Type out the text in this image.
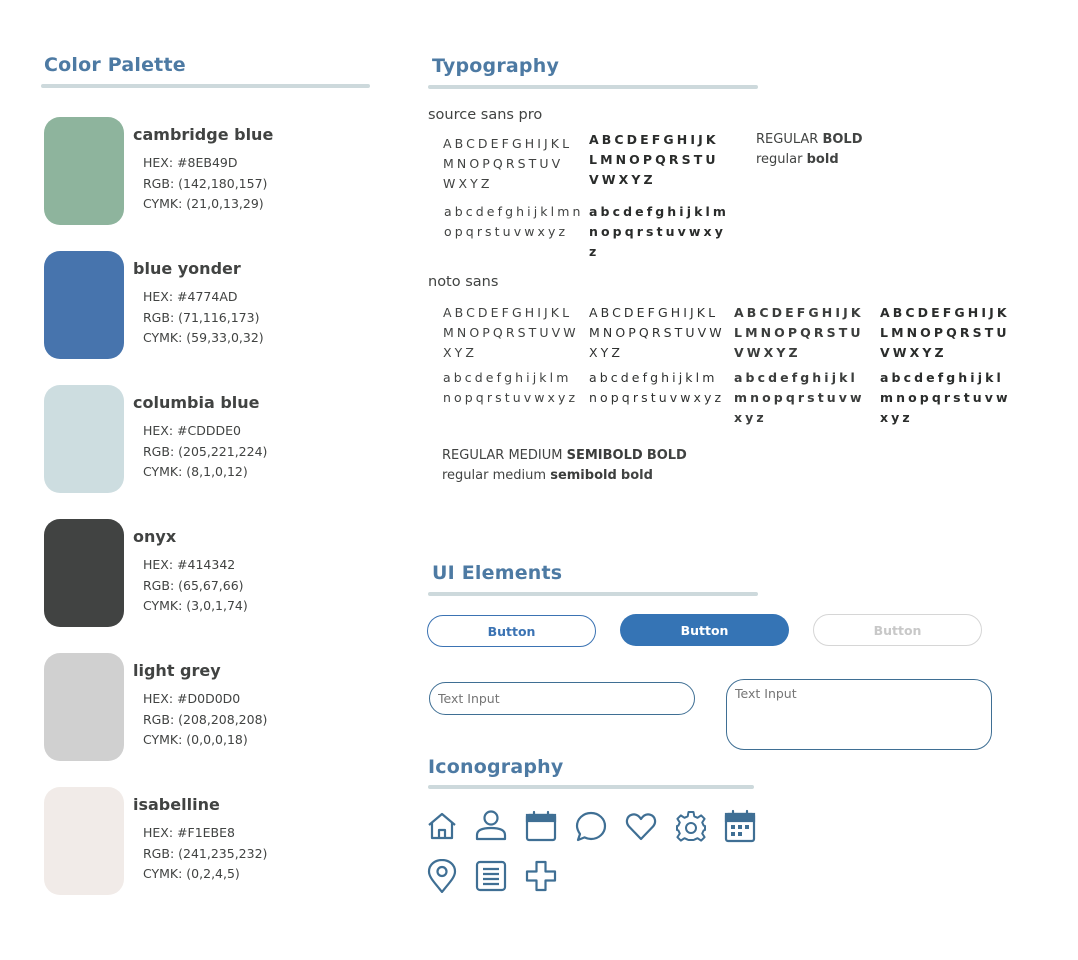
Color Palette
cambridge blue
HEX: #8EB49D
RGB: (142,180,157)
CYMK: (21,0,13,29)
blue yonder
HEX: #4774AD
RGB: (71,116,173)
CYMK: (59,33,0,32)
columbia blue
HEX: #CDDDE0
RGB: (205,221,224)
CYMK: (8,1,0,12)
onyx
HEX: #414342
RGB: (65,67,66)
CYMK: (3,0,1,74)
light grey
HEX: #D0D0D0
RGB: (208,208,208)
CYMK: (0,0,0,18)
isabelline
HEX: #F1EBE8
RGB: (241,235,232)
CYMK: (0,2,4,5)
Typography
source sans pro
ABCDEFGHIJKLMNOPQRSTUVWXYZ
ABCDEFGHIJKLMNOPQRSTUVWXYZ
abcdefghijklmnopqrstuvwxyz
abcdefghijklmnopqrstuvwxyz
REGULAR BOLD
regular bold
noto sans
ABCDEFGHIJKLMNOPQRSTUVWXYZ
ABCDEFGHIJKLMNOPQRSTUVWXYZ
ABCDEFGHIJKLMNOPQRSTUVWXYZ
ABCDEFGHIJKLMNOPQRSTUVWXYZ
abcdefghijklmnopqrstuvwxyz
abcdefghijklmnopqrstuvwxyz
abcdefghijklmnopqrstuvwxyz
abcdefghijklmnopqrstuvwxyz
REGULAR MEDIUM SEMIBOLD BOLD
regular medium semibold bold
UI Elements
Button	Button	Button
Text Input
Text Input
Iconography
